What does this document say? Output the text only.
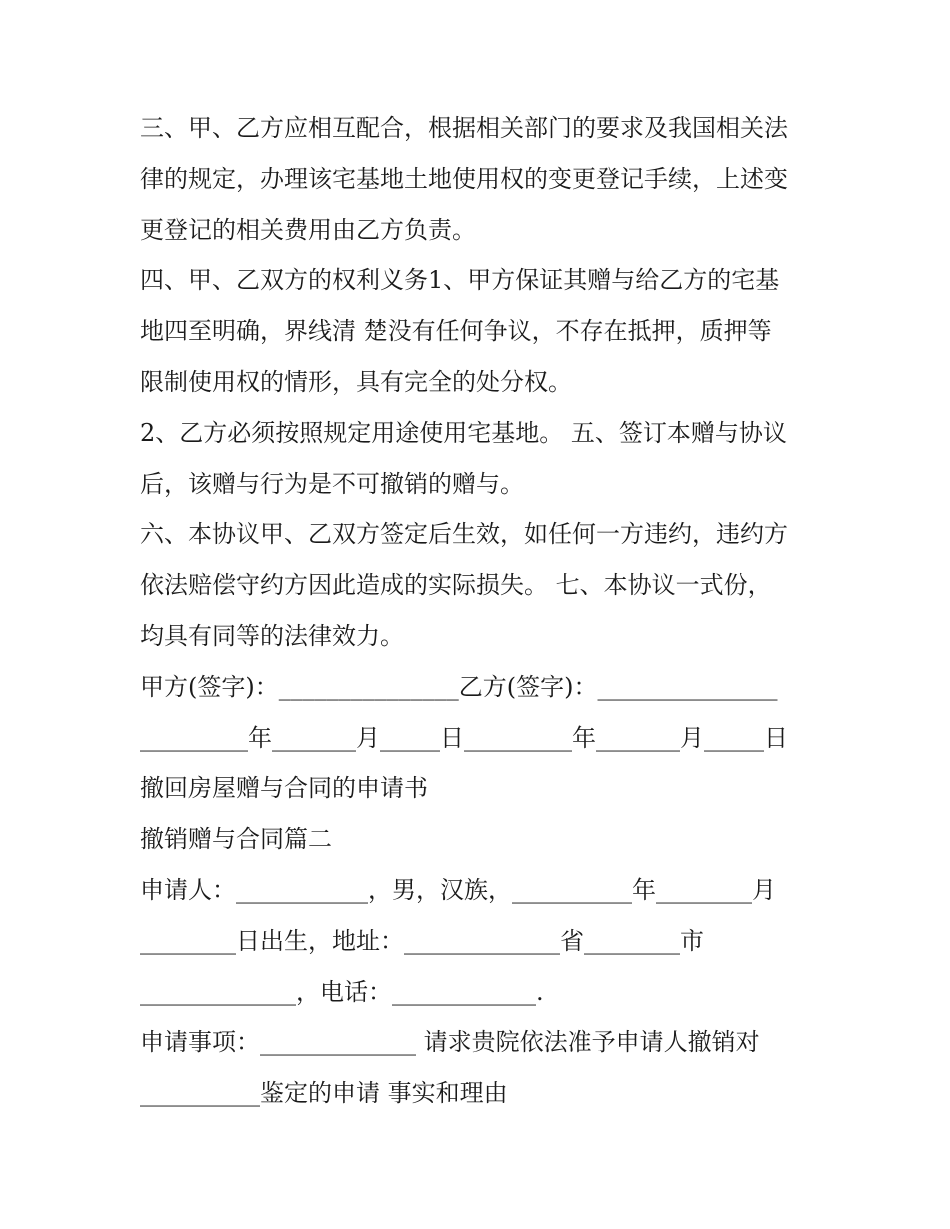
三、甲、乙方应相互配合，根据相关部门的要求及我国相关法
律的规定，办理该宅基地土地使用权的变更登记手续，上述变
更登记的相关费用由乙方负责。
四、甲、乙双方的权利义务1、甲方保证其赠与给乙方的宅基
地四至明确，界线清 楚没有任何争议，不存在抵押，质押等
限制使用权的情形，具有完全的处分权。
2、乙方必须按照规定用途使用宅基地。 五、签订本赠与协议
后，该赠与行为是不可撤销的赠与。
六、本协议甲、乙双方签定后生效，如任何一方违约，违约方
依法赔偿守约方因此造成的实际损失。 七、本协议一式份，
均具有同等的法律效力。
甲方(签字)：_______________乙方(签字)：_______________
_________年_______月_____日_________年_______月_____日
撤回房屋赠与合同的申请书
撤销赠与合同篇二
申请人：___________，男，汉族，__________年________月
________日出生，地址：_____________省________市
_____________，电话：____________.
申请事项：_____________ 请求贵院依法准予申请人撤销对
__________鉴定的申请 事实和理由
